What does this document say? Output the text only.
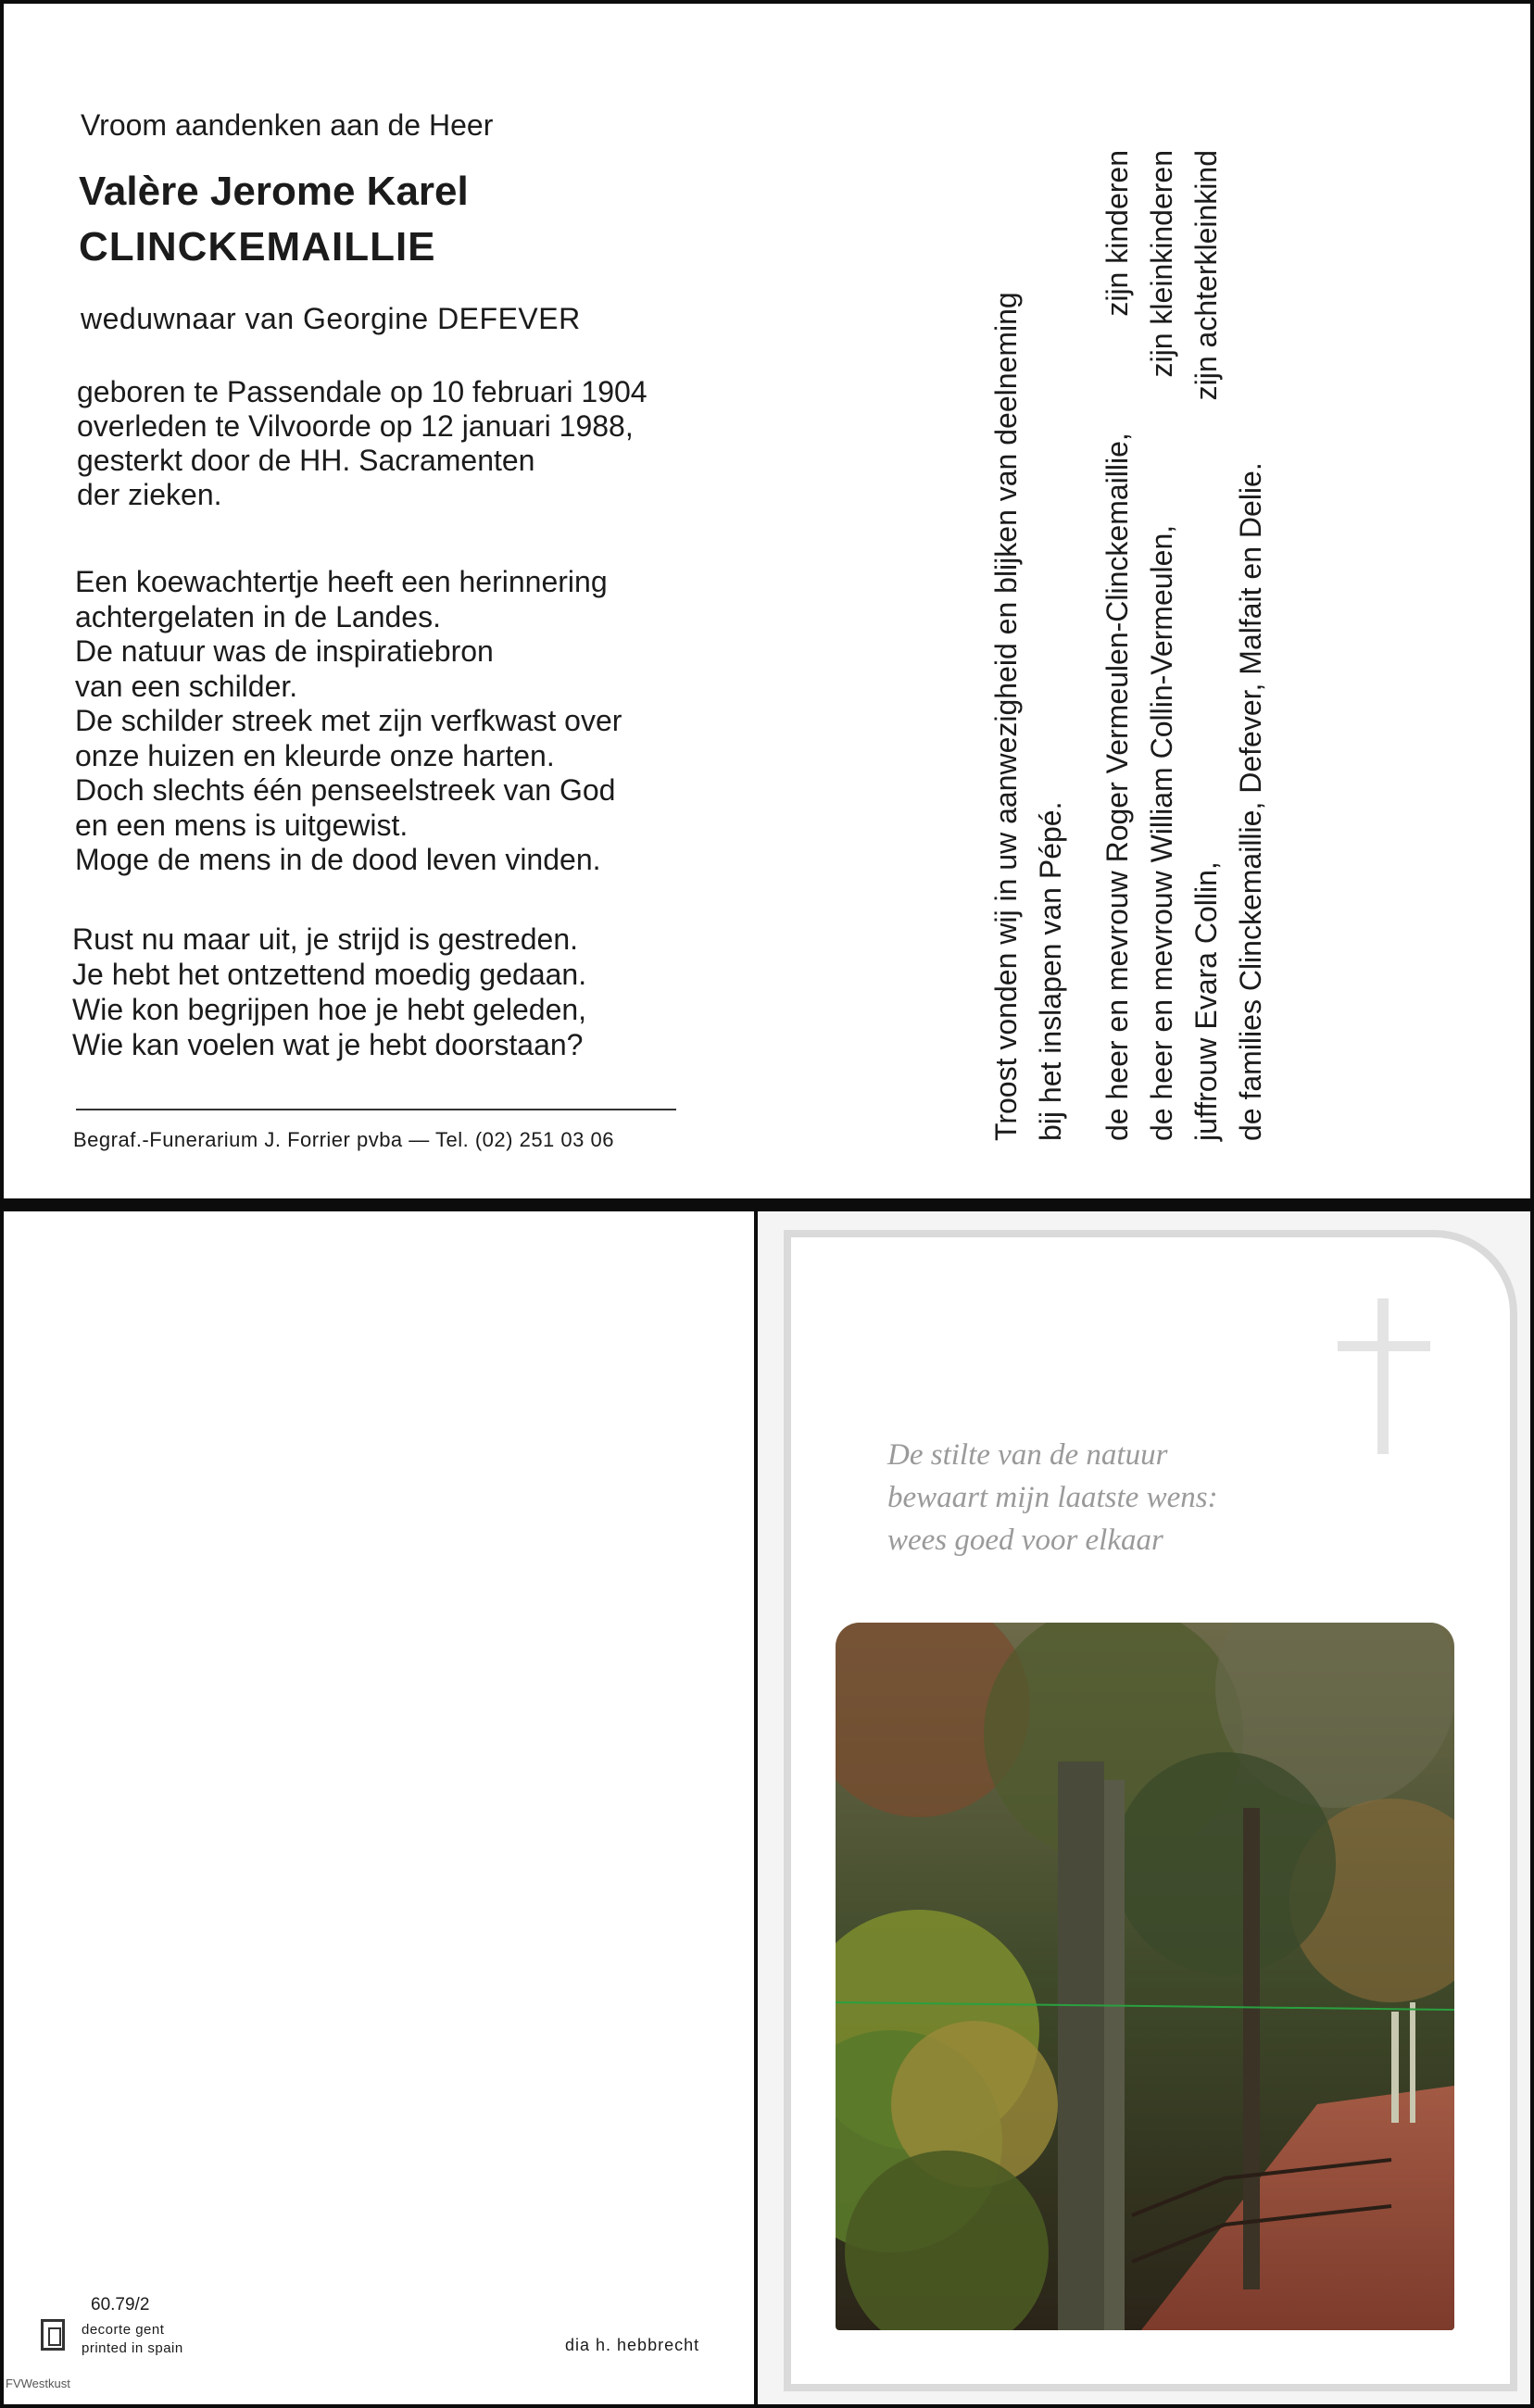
Vroom aandenken aan de Heer
Valère Jerome Karel
CLINCKEMAILLIE
weduwnaar van Georgine DEFEVER
geboren te Passendale op 10 februari 1904
overleden te Vilvoorde op 12 januari 1988,
gesterkt door de HH. Sacramenten
der zieken.
Een koewachtertje heeft een herinnering
achtergelaten in de Landes.
De natuur was de inspiratiebron
van een schilder.
De schilder streek met zijn verfkwast over
onze huizen en kleurde onze harten.
Doch slechts één penseelstreek van God
en een mens is uitgewist.
Moge de mens in de dood leven vinden.
Rust nu maar uit, je strijd is gestreden.
Je hebt het ontzettend moedig gedaan.
Wie kon begrijpen hoe je hebt geleden,
Wie kan voelen wat je hebt doorstaan?
Begraf.-Funerarium J. Forrier pvba — Tel. (02) 251 03 06	Troost vonden wij in uw aanwezigheid en blijken van deelneming bij het inslapen van Pépé. de heer en mevrouw Roger Vermeulen-Clinckemaillie,
zijn kinderen
de heer en mevrouw William Collin-Vermeulen,
zijn kleinkinderen
juffrouw Evara Collin,
zijn achterkleinkind
de families Clinckemaillie, Defever, Malfait en Delie.
60.79/2
decorte gent
printed in spain	dia h. hebbrecht
FVWestkust
De stilte van de natuur
bewaart mijn laatste wens:
wees goed voor elkaar
